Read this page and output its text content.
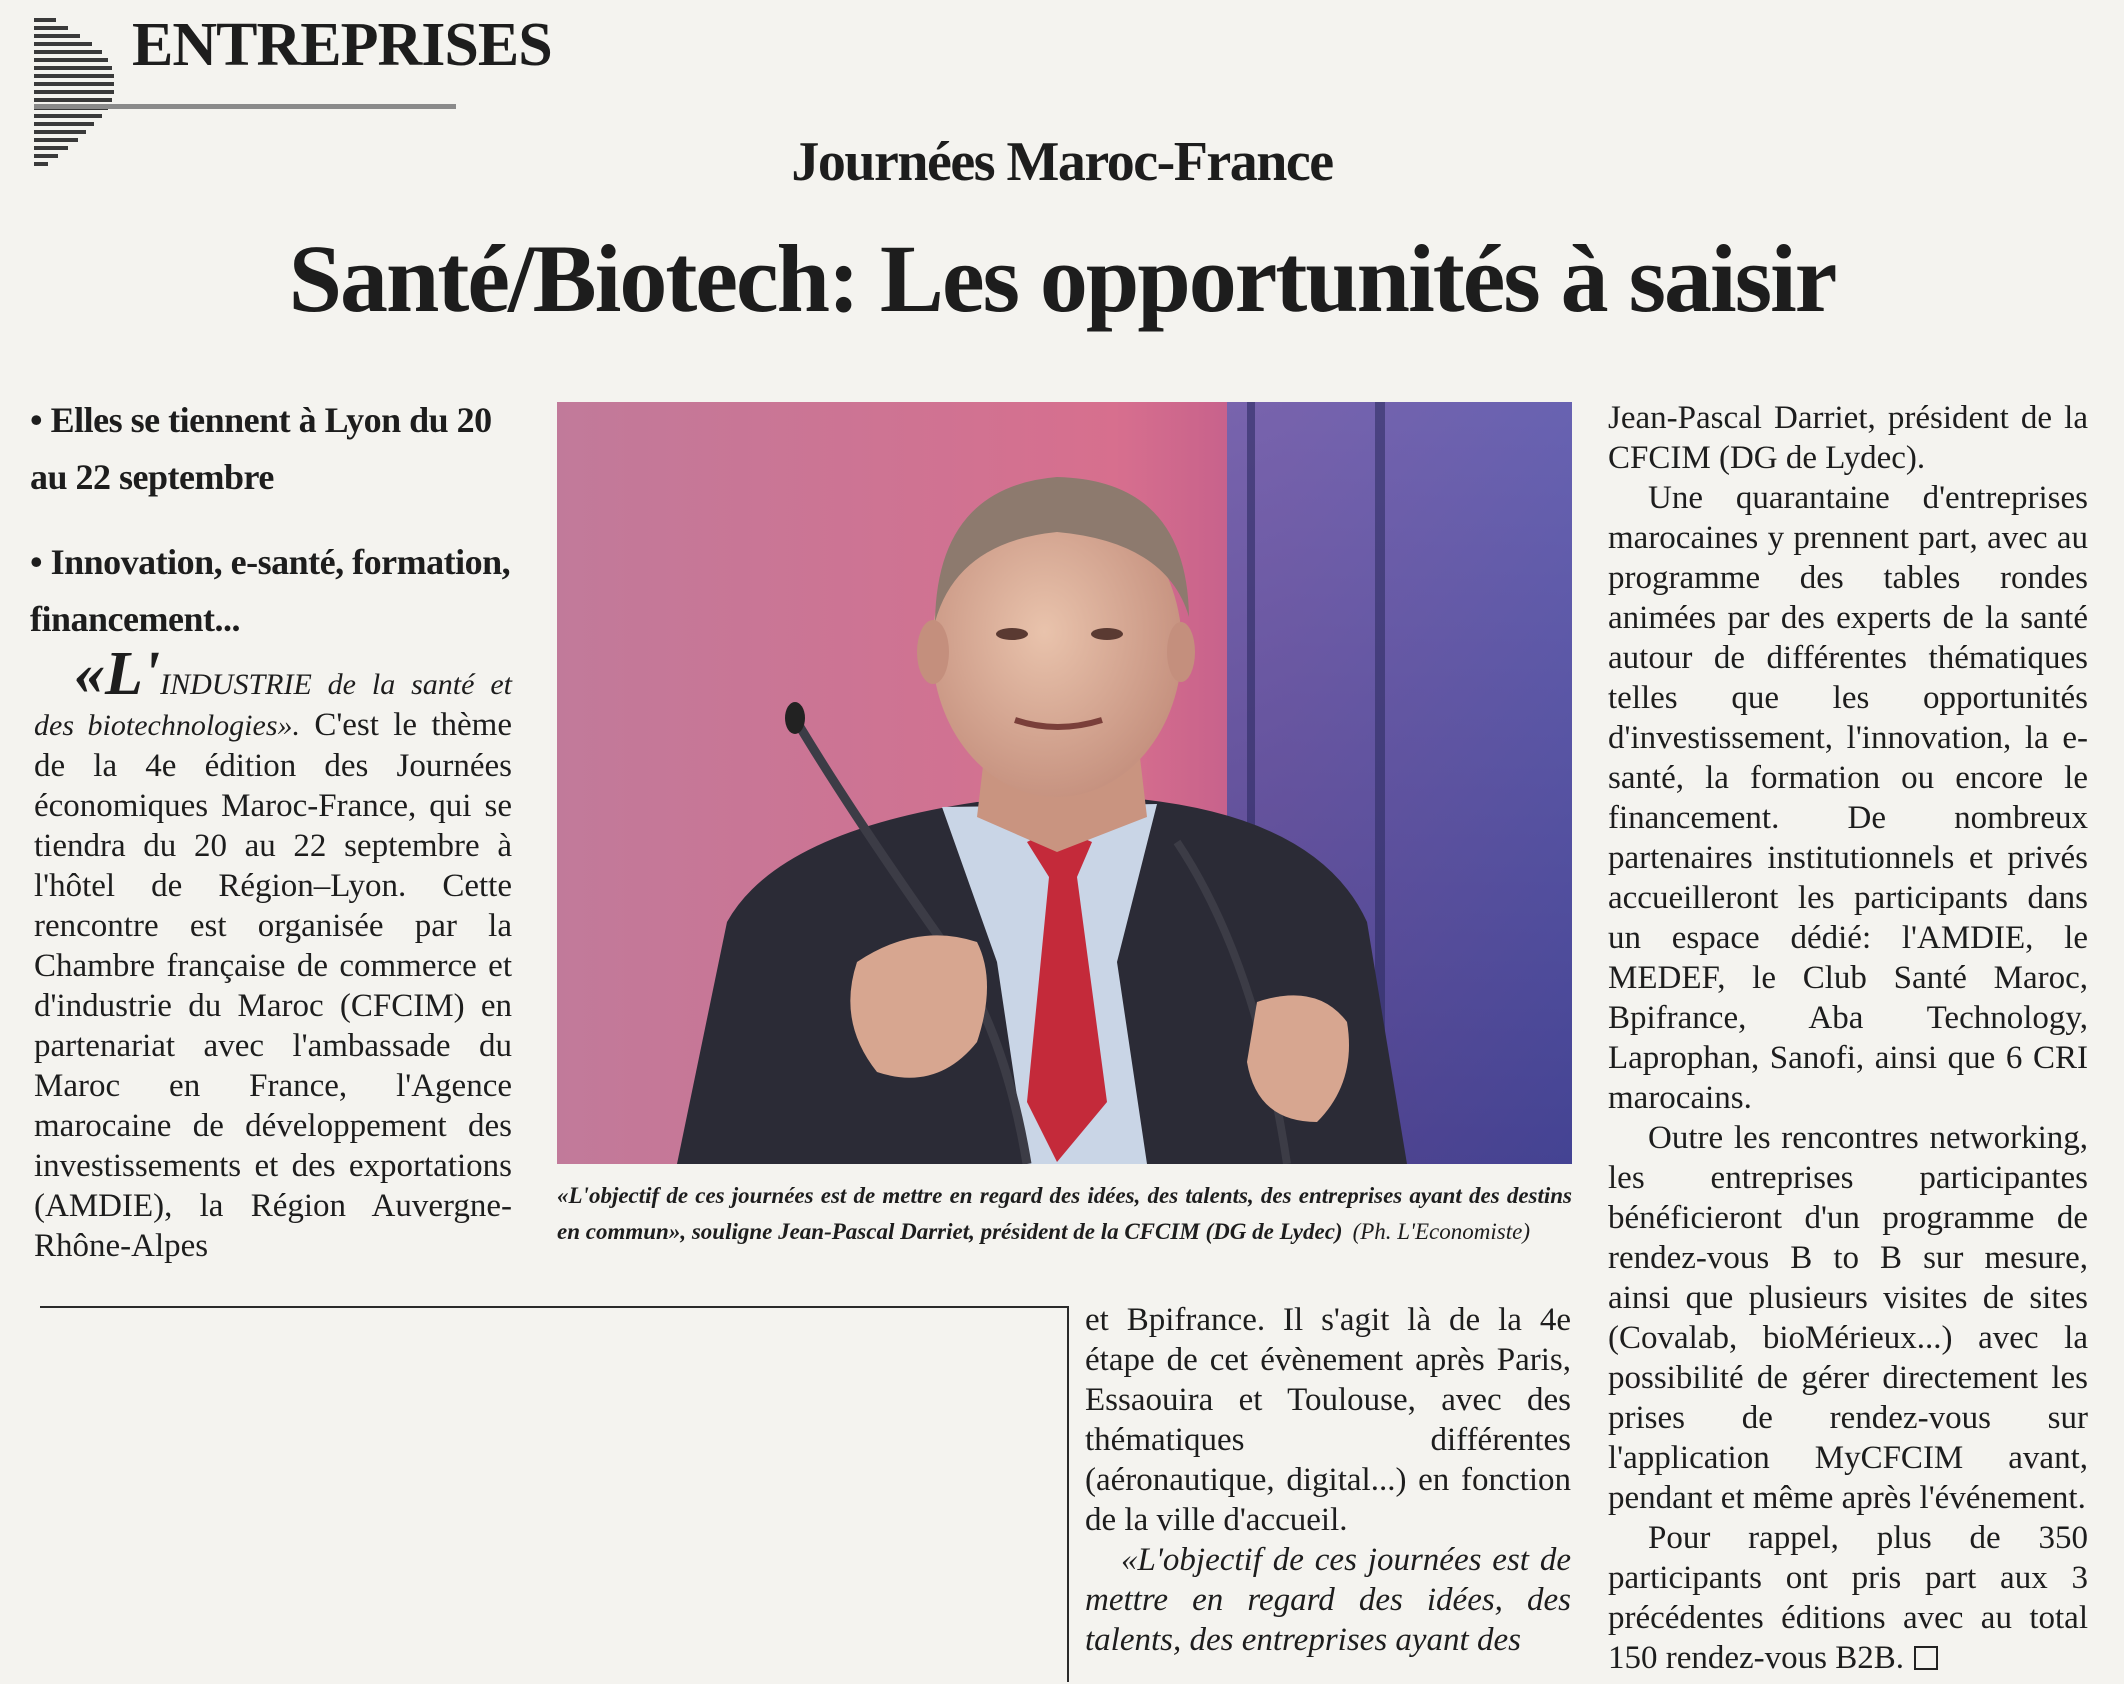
ENTREPRISES
Journées Maroc-France
Santé/Biotech: Les opportunités à saisir
• Elles se tiennent à Lyon du 20 au 22 septembre
• Innovation, e-santé, formation, financement...

«L'INDUSTRIE de la santé et des biotechnologies». C'est le thème de la 4e édition des Journées économiques Maroc-France, qui se tiendra du 20 au 22 septembre à l'hôtel de Région–Lyon. Cette rencontre est organisée par la Chambre française de commerce et d'industrie du Maroc (CFCIM) en partenariat avec l'ambassade du Maroc en France, l'Agence marocaine de développement des investissements et des exportations (AMDIE), la Région Auvergne-Rhône-Alpes

«L'objectif de ces journées est de mettre en regard des idées, des talents, des entreprises ayant des destins en commun», souligne Jean-Pascal Darriet, président de la CFCIM (DG de Lydec) (Ph. L'Economiste)

et Bpifrance. Il s'agit là de la 4e étape de cet évènement après Paris, Essaouira et Toulouse, avec des thématiques différentes (aéronautique, digital...) en fonction de la ville d'accueil.

«L'objectif de ces journées est de mettre en regard des idées, des talents, des entreprises ayant des

Jean-Pascal Darriet, président de la CFCIM (DG de Lydec).

Une quarantaine d'entreprises marocaines y prennent part, avec au programme des tables rondes animées par des experts de la santé autour de différentes thématiques telles que les opportunités d'investissement, l'innovation, la e-santé, la formation ou encore le financement. De nombreux partenaires institutionnels et privés accueilleront les participants dans un espace dédié: l'AMDIE, le MEDEF, le Club Santé Maroc, Bpifrance, Aba Technology, Laprophan, Sanofi, ainsi que 6 CRI marocains.

Outre les rencontres networking, les entreprises participantes bénéficieront d'un programme de rendez-vous B to B sur mesure, ainsi que plusieurs visites de sites (Covalab, bioMérieux...) avec la possibilité de gérer directement les prises de rendez-vous sur l'application MyCFCIM avant, pendant et même après l'événement.

Pour rappel, plus de 350 participants ont pris part aux 3 précédentes éditions avec au total 150 rendez-vous B2B.
